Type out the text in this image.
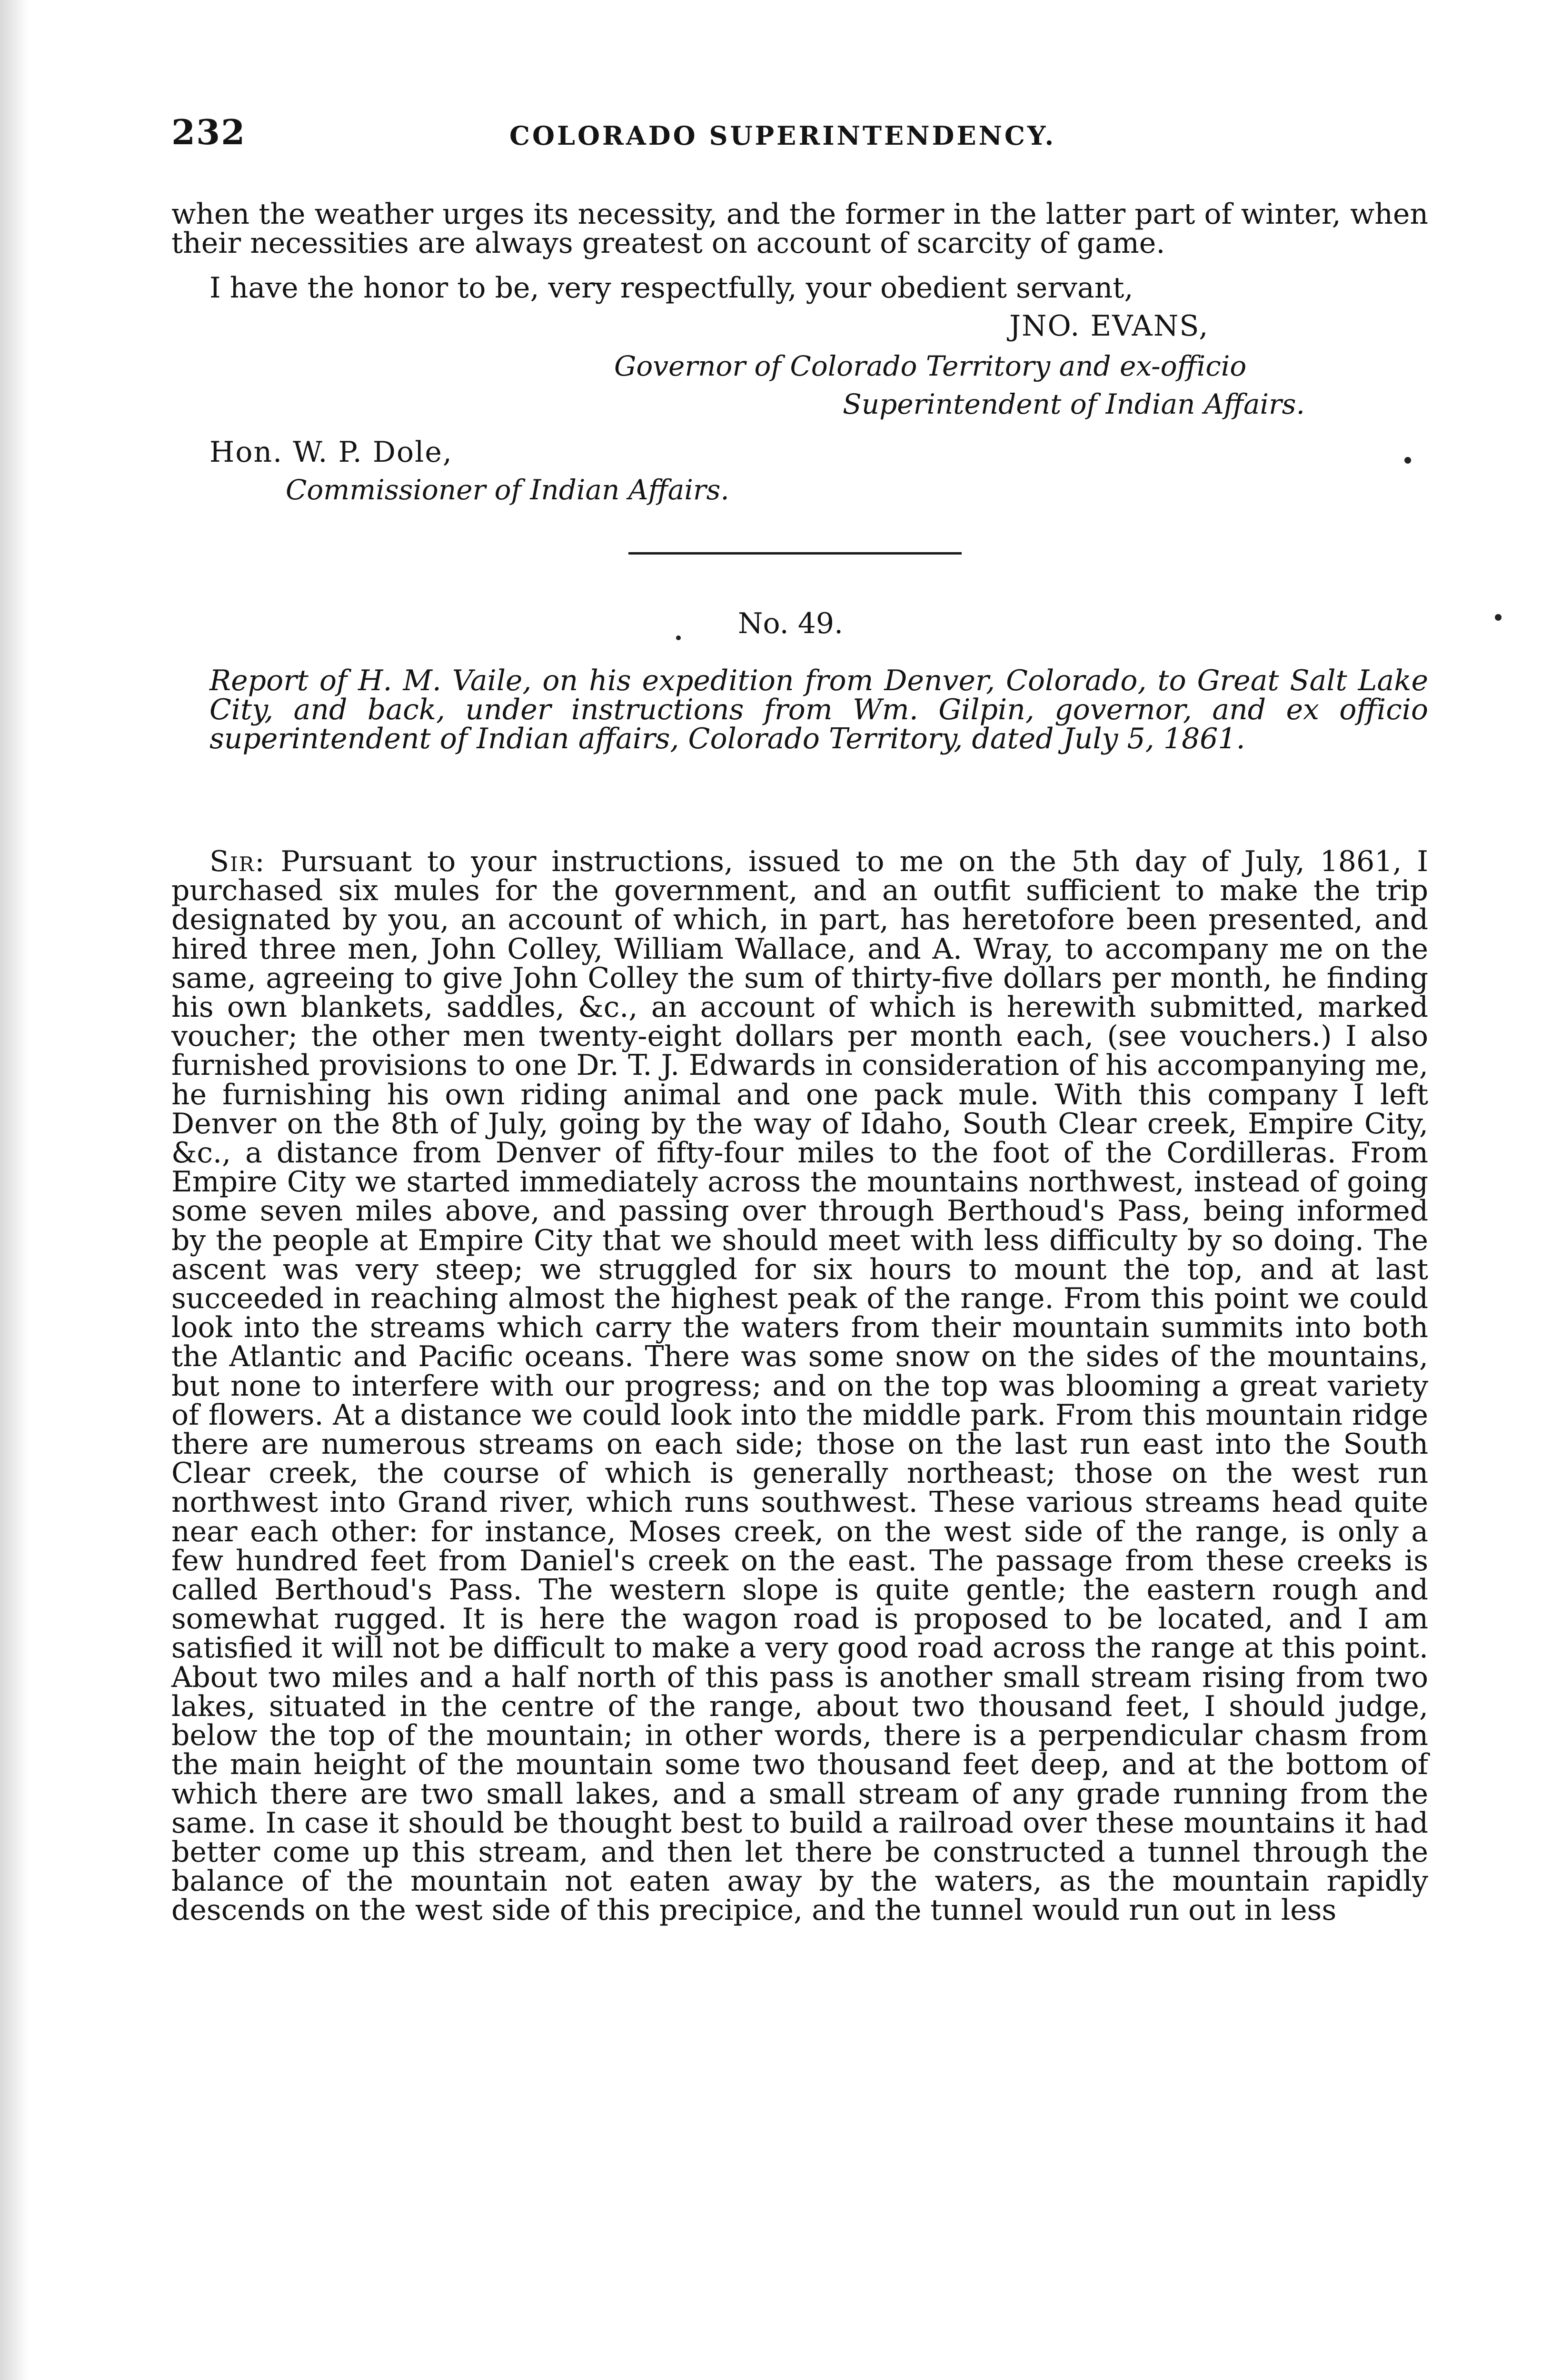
232	COLORADO SUPERINTENDENCY.

when the weather urges its necessity, and the former in the latter part of winter, when their necessities are always greatest on account of scarcity of game.

I have the honor to be, very respectfully, your obedient servant,

JNO. EVANS,
Governor of Colorado Territory and ex-officio
Superintendent of Indian Affairs.
Hon. W. P. Dole,
Commissioner of Indian Affairs.
No. 49.

Report of H. M. Vaile, on his expedition from Denver, Colorado, to Great Salt Lake City, and back, under instructions from Wm. Gilpin, governor, and ex officio superintendent of Indian affairs, Colorado Territory, dated July 5, 1861.

Sir: Pursuant to your instructions, issued to me on the 5th day of July, 1861, I purchased six mules for the government, and an outfit sufficient to make the trip designated by you, an account of which, in part, has heretofore been presented, and hired three men, John Colley, William Wallace, and A. Wray, to accompany me on the same, agreeing to give John Colley the sum of thirty-five dollars per month, he finding his own blankets, saddles, &c., an account of which is herewith submitted, marked voucher; the other men twenty-eight dollars per month each, (see vouchers.) I also furnished provisions to one Dr. T. J. Edwards in consideration of his accompanying me, he furnishing his own riding animal and one pack mule. With this company I left Denver on the 8th of July, going by the way of Idaho, South Clear creek, Empire City, &c., a distance from Denver of fifty-four miles to the foot of the Cordilleras. From Empire City we started immediately across the mountains northwest, instead of going some seven miles above, and passing over through Berthoud's Pass, being informed by the people at Empire City that we should meet with less difficulty by so doing. The ascent was very steep; we struggled for six hours to mount the top, and at last succeeded in reaching almost the highest peak of the range. From this point we could look into the streams which carry the waters from their mountain summits into both the Atlantic and Pacific oceans. There was some snow on the sides of the mountains, but none to interfere with our progress; and on the top was blooming a great variety of flowers. At a distance we could look into the middle park. From this mountain ridge there are numerous streams on each side; those on the last run east into the South Clear creek, the course of which is generally northeast; those on the west run northwest into Grand river, which runs southwest. These various streams head quite near each other: for instance, Moses creek, on the west side of the range, is only a few hundred feet from Daniel's creek on the east. The passage from these creeks is called Berthoud's Pass. The western slope is quite gentle; the eastern rough and somewhat rugged. It is here the wagon road is proposed to be located, and I am satisfied it will not be difficult to make a very good road across the range at this point. About two miles and a half north of this pass is another small stream rising from two lakes, situated in the centre of the range, about two thousand feet, I should judge, below the top of the mountain; in other words, there is a perpendicular chasm from the main height of the mountain some two thousand feet deep, and at the bottom of which there are two small lakes, and a small stream of any grade running from the same. In case it should be thought best to build a railroad over these mountains it had better come up this stream, and then let there be constructed a tunnel through the balance of the mountain not eaten away by the waters, as the mountain rapidly descends on the west side of this precipice, and the tunnel would run out in less
